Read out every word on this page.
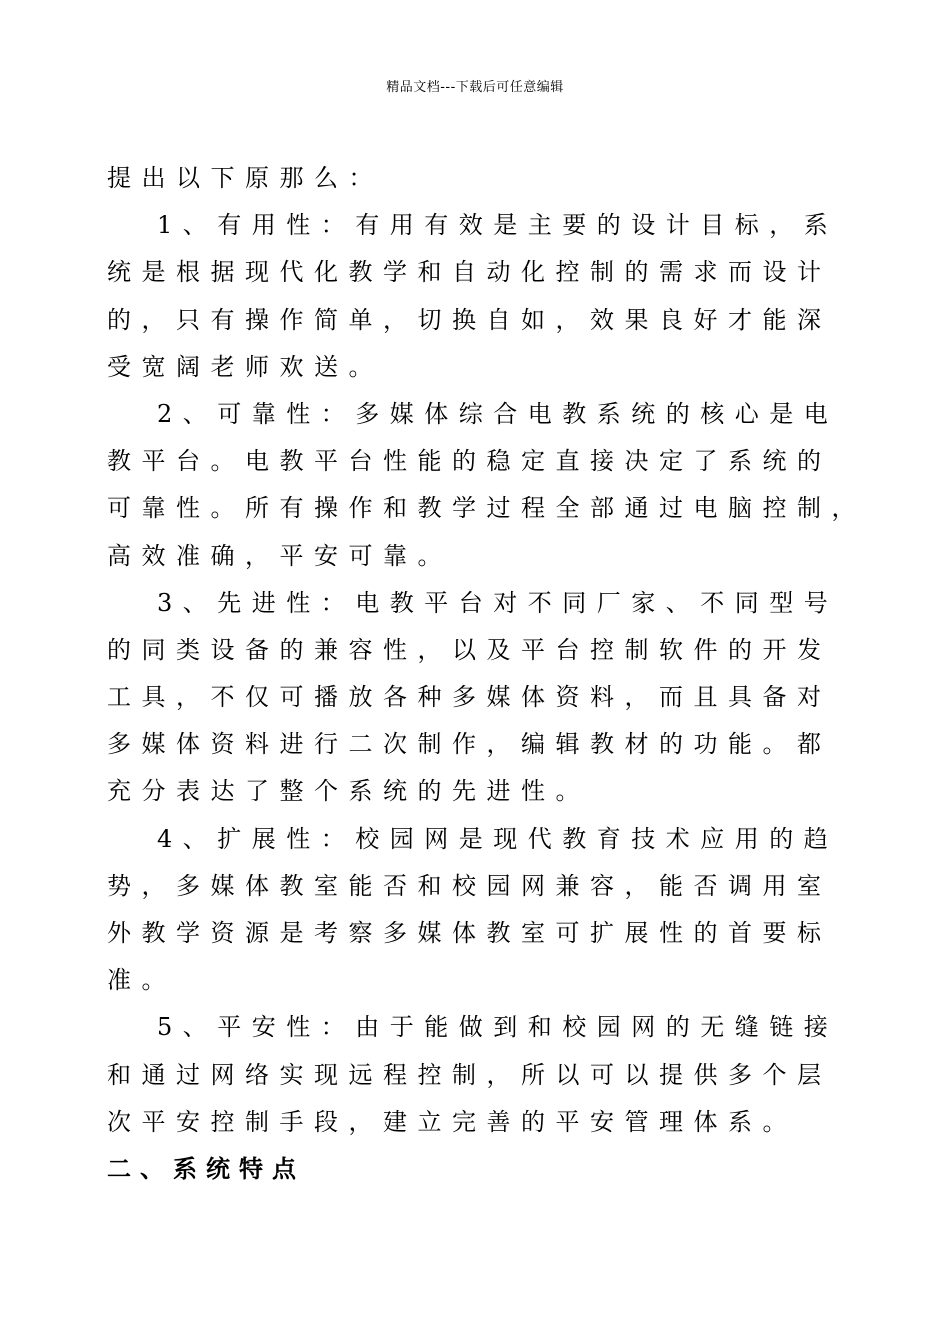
精品文档---下载后可任意编辑
提出以下原那么：
1、有用性：有用有效是主要的设计目标，系
统是根据现代化教学和自动化控制的需求而设计
的，只有操作简单，切换自如，效果良好才能深
受宽阔老师欢送。
2、可靠性：多媒体综合电教系统的核心是电
教平台。电教平台性能的稳定直接决定了系统的
可靠性。所有操作和教学过程全部通过电脑控制，
高效准确，平安可靠。
3、先进性：电教平台对不同厂家、不同型号
的同类设备的兼容性，以及平台控制软件的开发
工具，不仅可播放各种多媒体资料，而且具备对
多媒体资料进行二次制作，编辑教材的功能。都
充分表达了整个系统的先进性。
4、扩展性：校园网是现代教育技术应用的趋
势，多媒体教室能否和校园网兼容，能否调用室
外教学资源是考察多媒体教室可扩展性的首要标
准。
5、平安性：由于能做到和校园网的无缝链接
和通过网络实现远程控制，所以可以提供多个层
次平安控制手段，建立完善的平安管理体系。
二、系统特点
